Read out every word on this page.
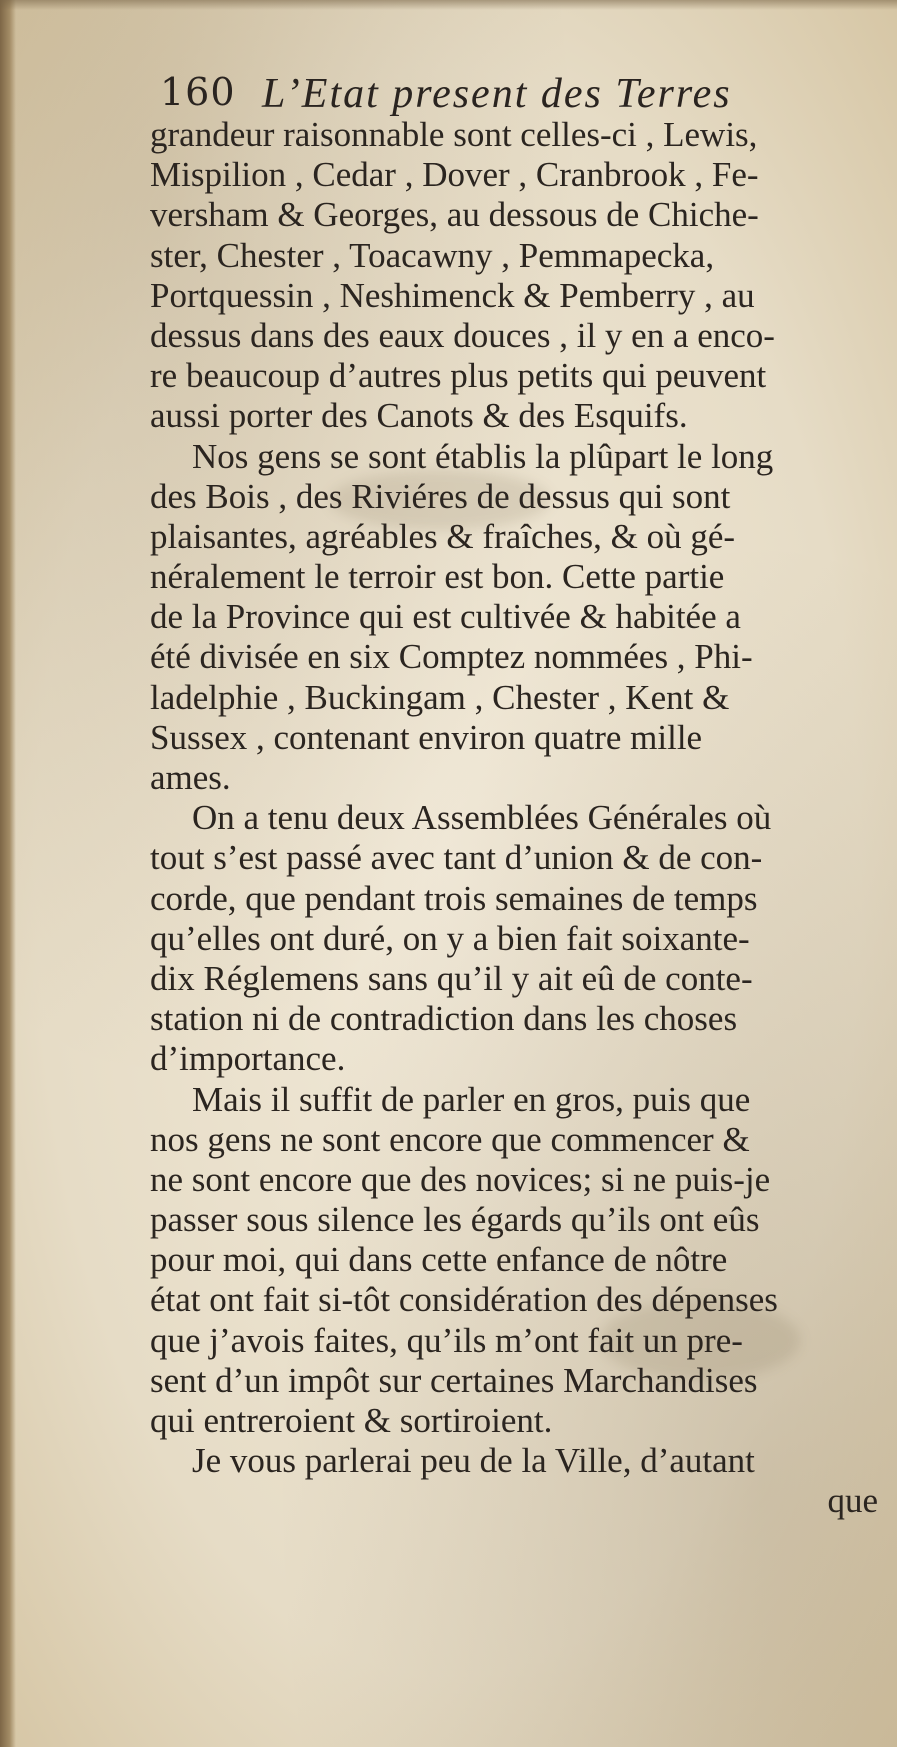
160 L’Etat present des Terres
grandeur raisonnable sont celles-ci , Lewis,
Mispilion , Cedar , Dover , Cranbrook , Fe-
versham & Georges, au dessous de Chiche-
ster, Chester , Toacawny , Pemmapecka,
Portquessin , Neshimenck & Pemberry , au
dessus dans des eaux douces , il y en a enco-
re beaucoup d’autres plus petits qui peuvent
aussi porter des Canots & des Esquifs.
Nos gens se sont établis la plûpart le long
des Bois , des Riviéres de dessus qui sont
plaisantes, agréables & fraîches, & où gé-
néralement le terroir est bon. Cette partie
de la Province qui est cultivée & habitée a
été divisée en six Comptez nommées , Phi-
ladelphie , Buckingam , Chester , Kent &
Sussex , contenant environ quatre mille
ames.
On a tenu deux Assemblées Générales où
tout s’est passé avec tant d’union & de con-
corde, que pendant trois semaines de temps
qu’elles ont duré, on y a bien fait soixante-
dix Réglemens sans qu’il y ait eû de conte-
station ni de contradiction dans les choses
d’importance.
Mais il suffit de parler en gros, puis que
nos gens ne sont encore que commencer &
ne sont encore que des novices; si ne puis-je
passer sous silence les égards qu’ils ont eûs
pour moi, qui dans cette enfance de nôtre
état ont fait si-tôt considération des dépenses
que j’avois faites, qu’ils m’ont fait un pre-
sent d’un impôt sur certaines Marchandises
qui entreroient & sortiroient.
Je vous parlerai peu de la Ville, d’autant
que
